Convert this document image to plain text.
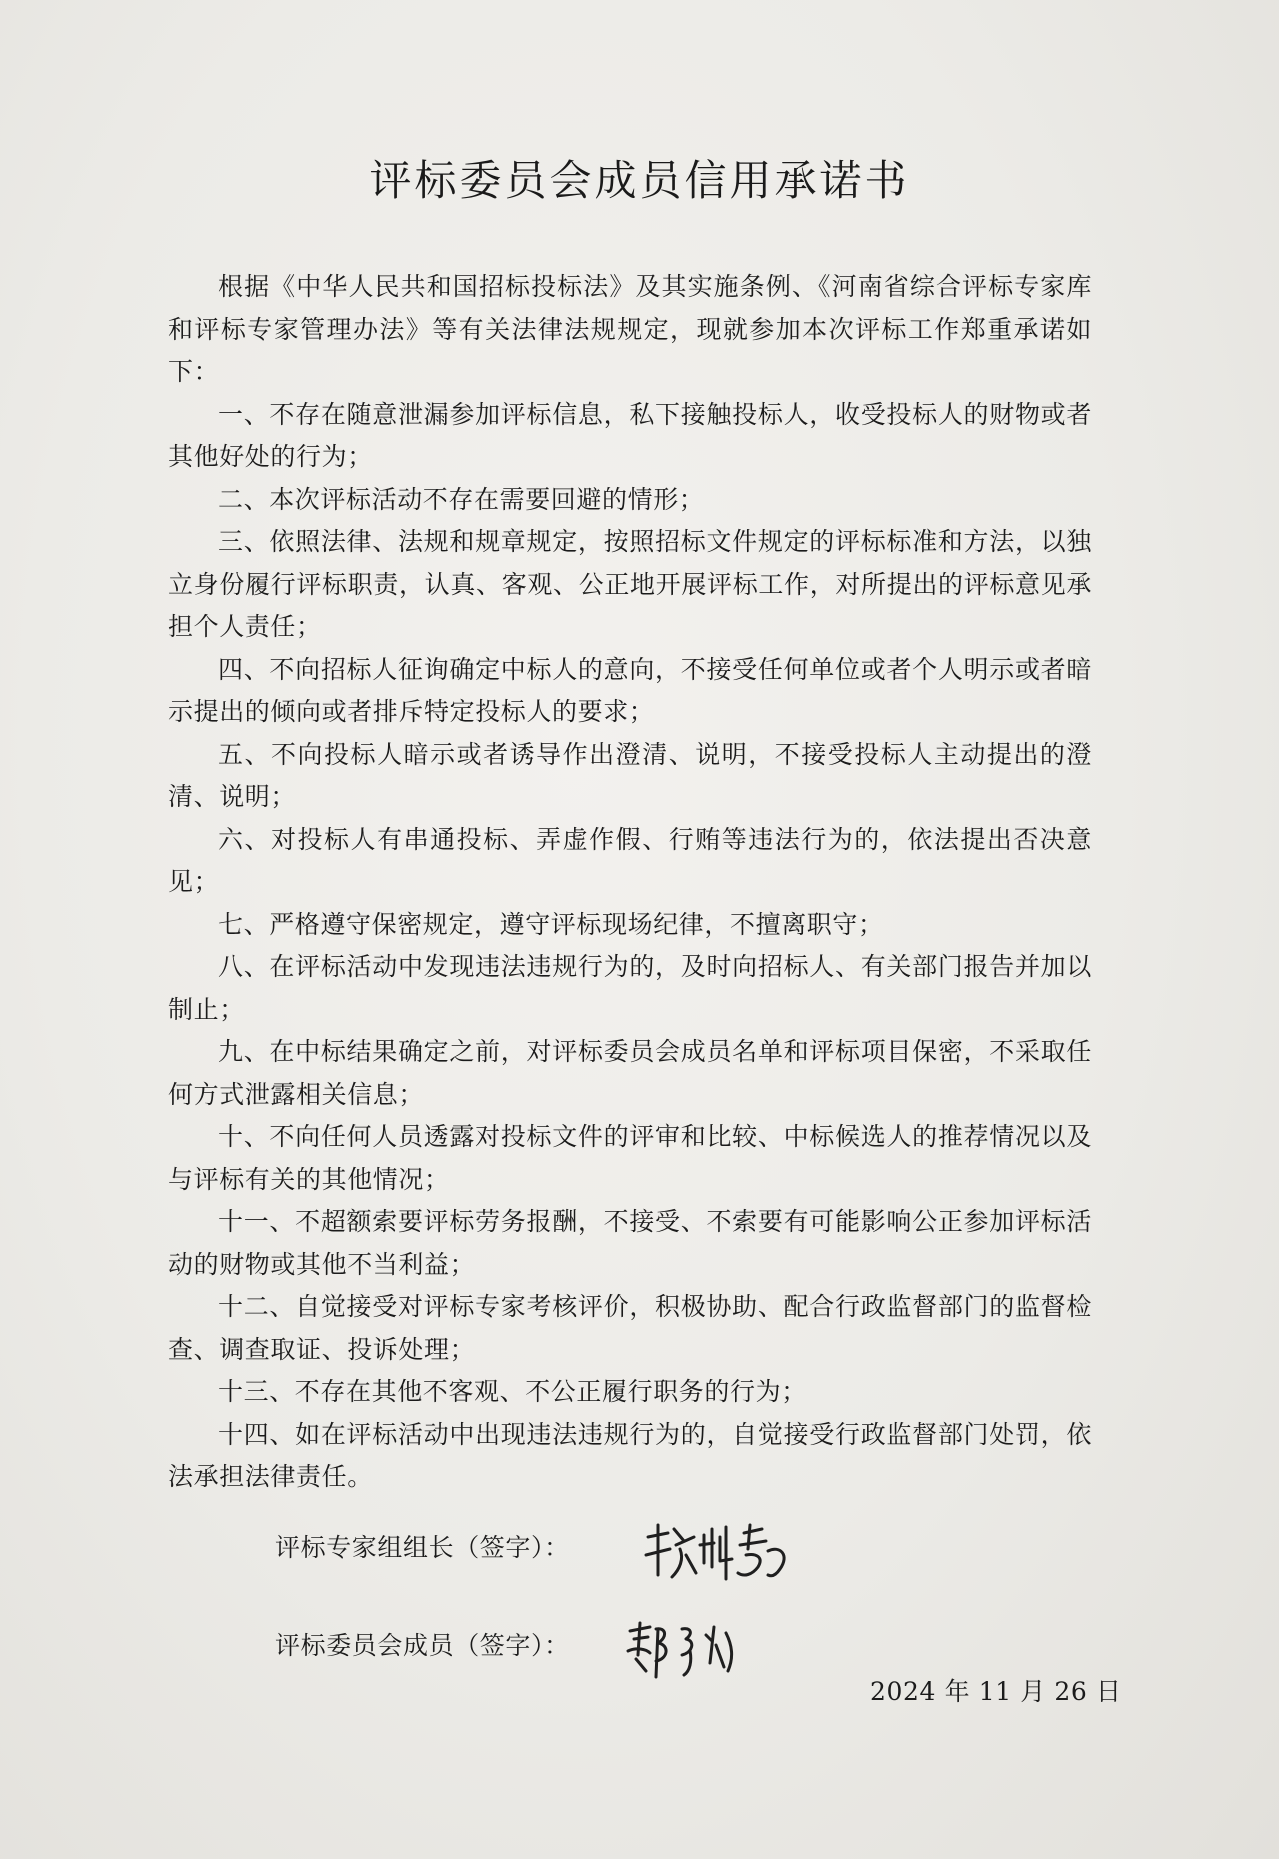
评标委员会成员信用承诺书

根据《中华人民共和国招标投标法》及其实施条例、《河南省综合评标专家库和评标专家管理办法》等有关法律法规规定，现就参加本次评标工作郑重承诺如下：

一、不存在随意泄漏参加评标信息，私下接触投标人，收受投标人的财物或者其他好处的行为；

二、本次评标活动不存在需要回避的情形；

三、依照法律、法规和规章规定，按照招标文件规定的评标标准和方法，以独立身份履行评标职责，认真、客观、公正地开展评标工作，对所提出的评标意见承担个人责任；

四、不向招标人征询确定中标人的意向，不接受任何单位或者个人明示或者暗示提出的倾向或者排斥特定投标人的要求；

五、不向投标人暗示或者诱导作出澄清、说明，不接受投标人主动提出的澄清、说明；

六、对投标人有串通投标、弄虚作假、行贿等违法行为的，依法提出否决意见；

七、严格遵守保密规定，遵守评标现场纪律，不擅离职守；

八、在评标活动中发现违法违规行为的，及时向招标人、有关部门报告并加以制止；

九、在中标结果确定之前，对评标委员会成员名单和评标项目保密，不采取任何方式泄露相关信息；

十、不向任何人员透露对投标文件的评审和比较、中标候选人的推荐情况以及与评标有关的其他情况；

十一、不超额索要评标劳务报酬，不接受、不索要有可能影响公正参加评标活动的财物或其他不当利益；

十二、自觉接受对评标专家考核评价，积极协助、配合行政监督部门的监督检查、调查取证、投诉处理；

十三、不存在其他不客观、不公正履行职务的行为；

十四、如在评标活动中出现违法违规行为的，自觉接受行政监督部门处罚，依法承担法律责任。

评标专家组组长（签字）：
评标委员会成员（签字）：
2024 年 11 月 26 日
